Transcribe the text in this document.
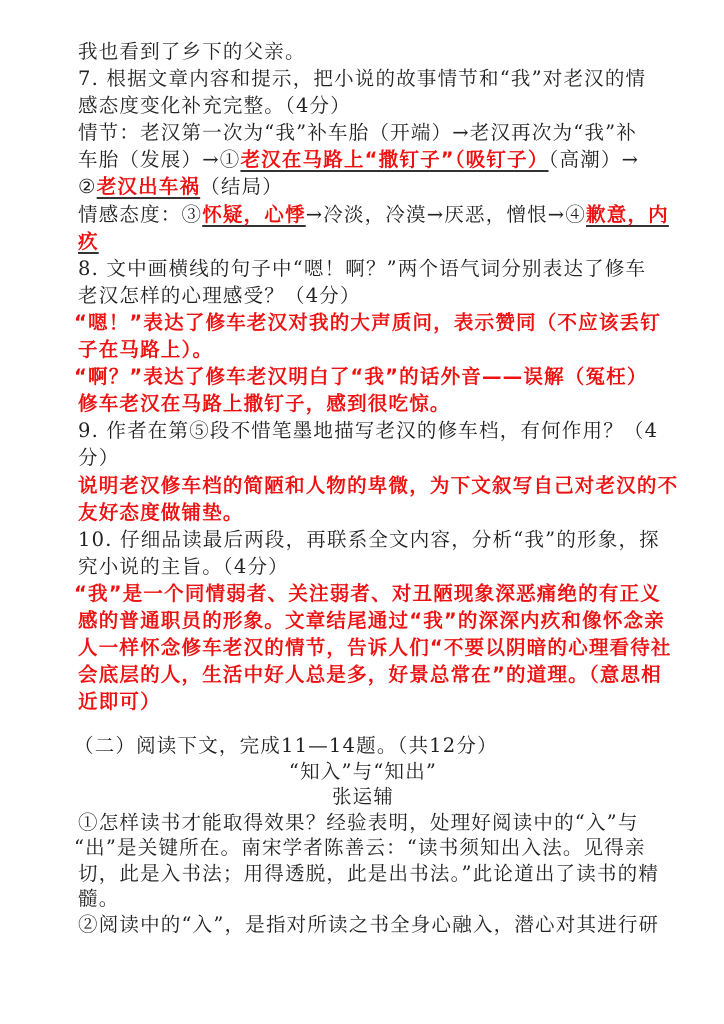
我也看到了乡下的父亲。
7. 根据文章内容和提示，把小说的故事情节和“我”对老汉的情
感态度变化补充完整。（4分）
情节：老汉第一次为“我”补车胎（开端）→老汉再次为“我”补
车胎（发展）→①老汉在马路上“撒钉子”（吸钉子）（高潮）→
②老汉出车祸（结局）
情感态度：③怀疑，心悸→冷淡，冷漠→厌恶，憎恨→④歉意，内
疚
8. 文中画横线的句子中“嗯！啊？”两个语气词分别表达了修车
老汉怎样的心理感受？（4分）
“嗯！”表达了修车老汉对我的大声质问，表示赞同（不应该丢钉
子在马路上）。
“啊？”表达了修车老汉明白了“我”的话外音——误解（冤枉）
修车老汉在马路上撒钉子，感到很吃惊。
9. 作者在第⑤段不惜笔墨地描写老汉的修车档，有何作用？（4
分）
说明老汉修车档的简陋和人物的卑微，为下文叙写自己对老汉的不
友好态度做铺垫。
10. 仔细品读最后两段，再联系全文内容，分析“我”的形象，探
究小说的主旨。（4分）
“我”是一个同情弱者、关注弱者、对丑陋现象深恶痛绝的有正义
感的普通职员的形象。文章结尾通过“我”的深深内疚和像怀念亲
人一样怀念修车老汉的情节，告诉人们“不要以阴暗的心理看待社
会底层的人，生活中好人总是多，好景总常在”的道理。（意思相
近即可）
（二）阅读下文，完成11—14题。（共12分）
“知入”与“知出”
张运辅
①怎样读书才能取得效果？经验表明，处理好阅读中的“入”与
“出”是关键所在。南宋学者陈善云：“读书须知出入法。见得亲
切，此是入书法；用得透脱，此是出书法。”此论道出了读书的精
髓。
②阅读中的“入”，是指对所读之书全身心融入，潜心对其进行研
